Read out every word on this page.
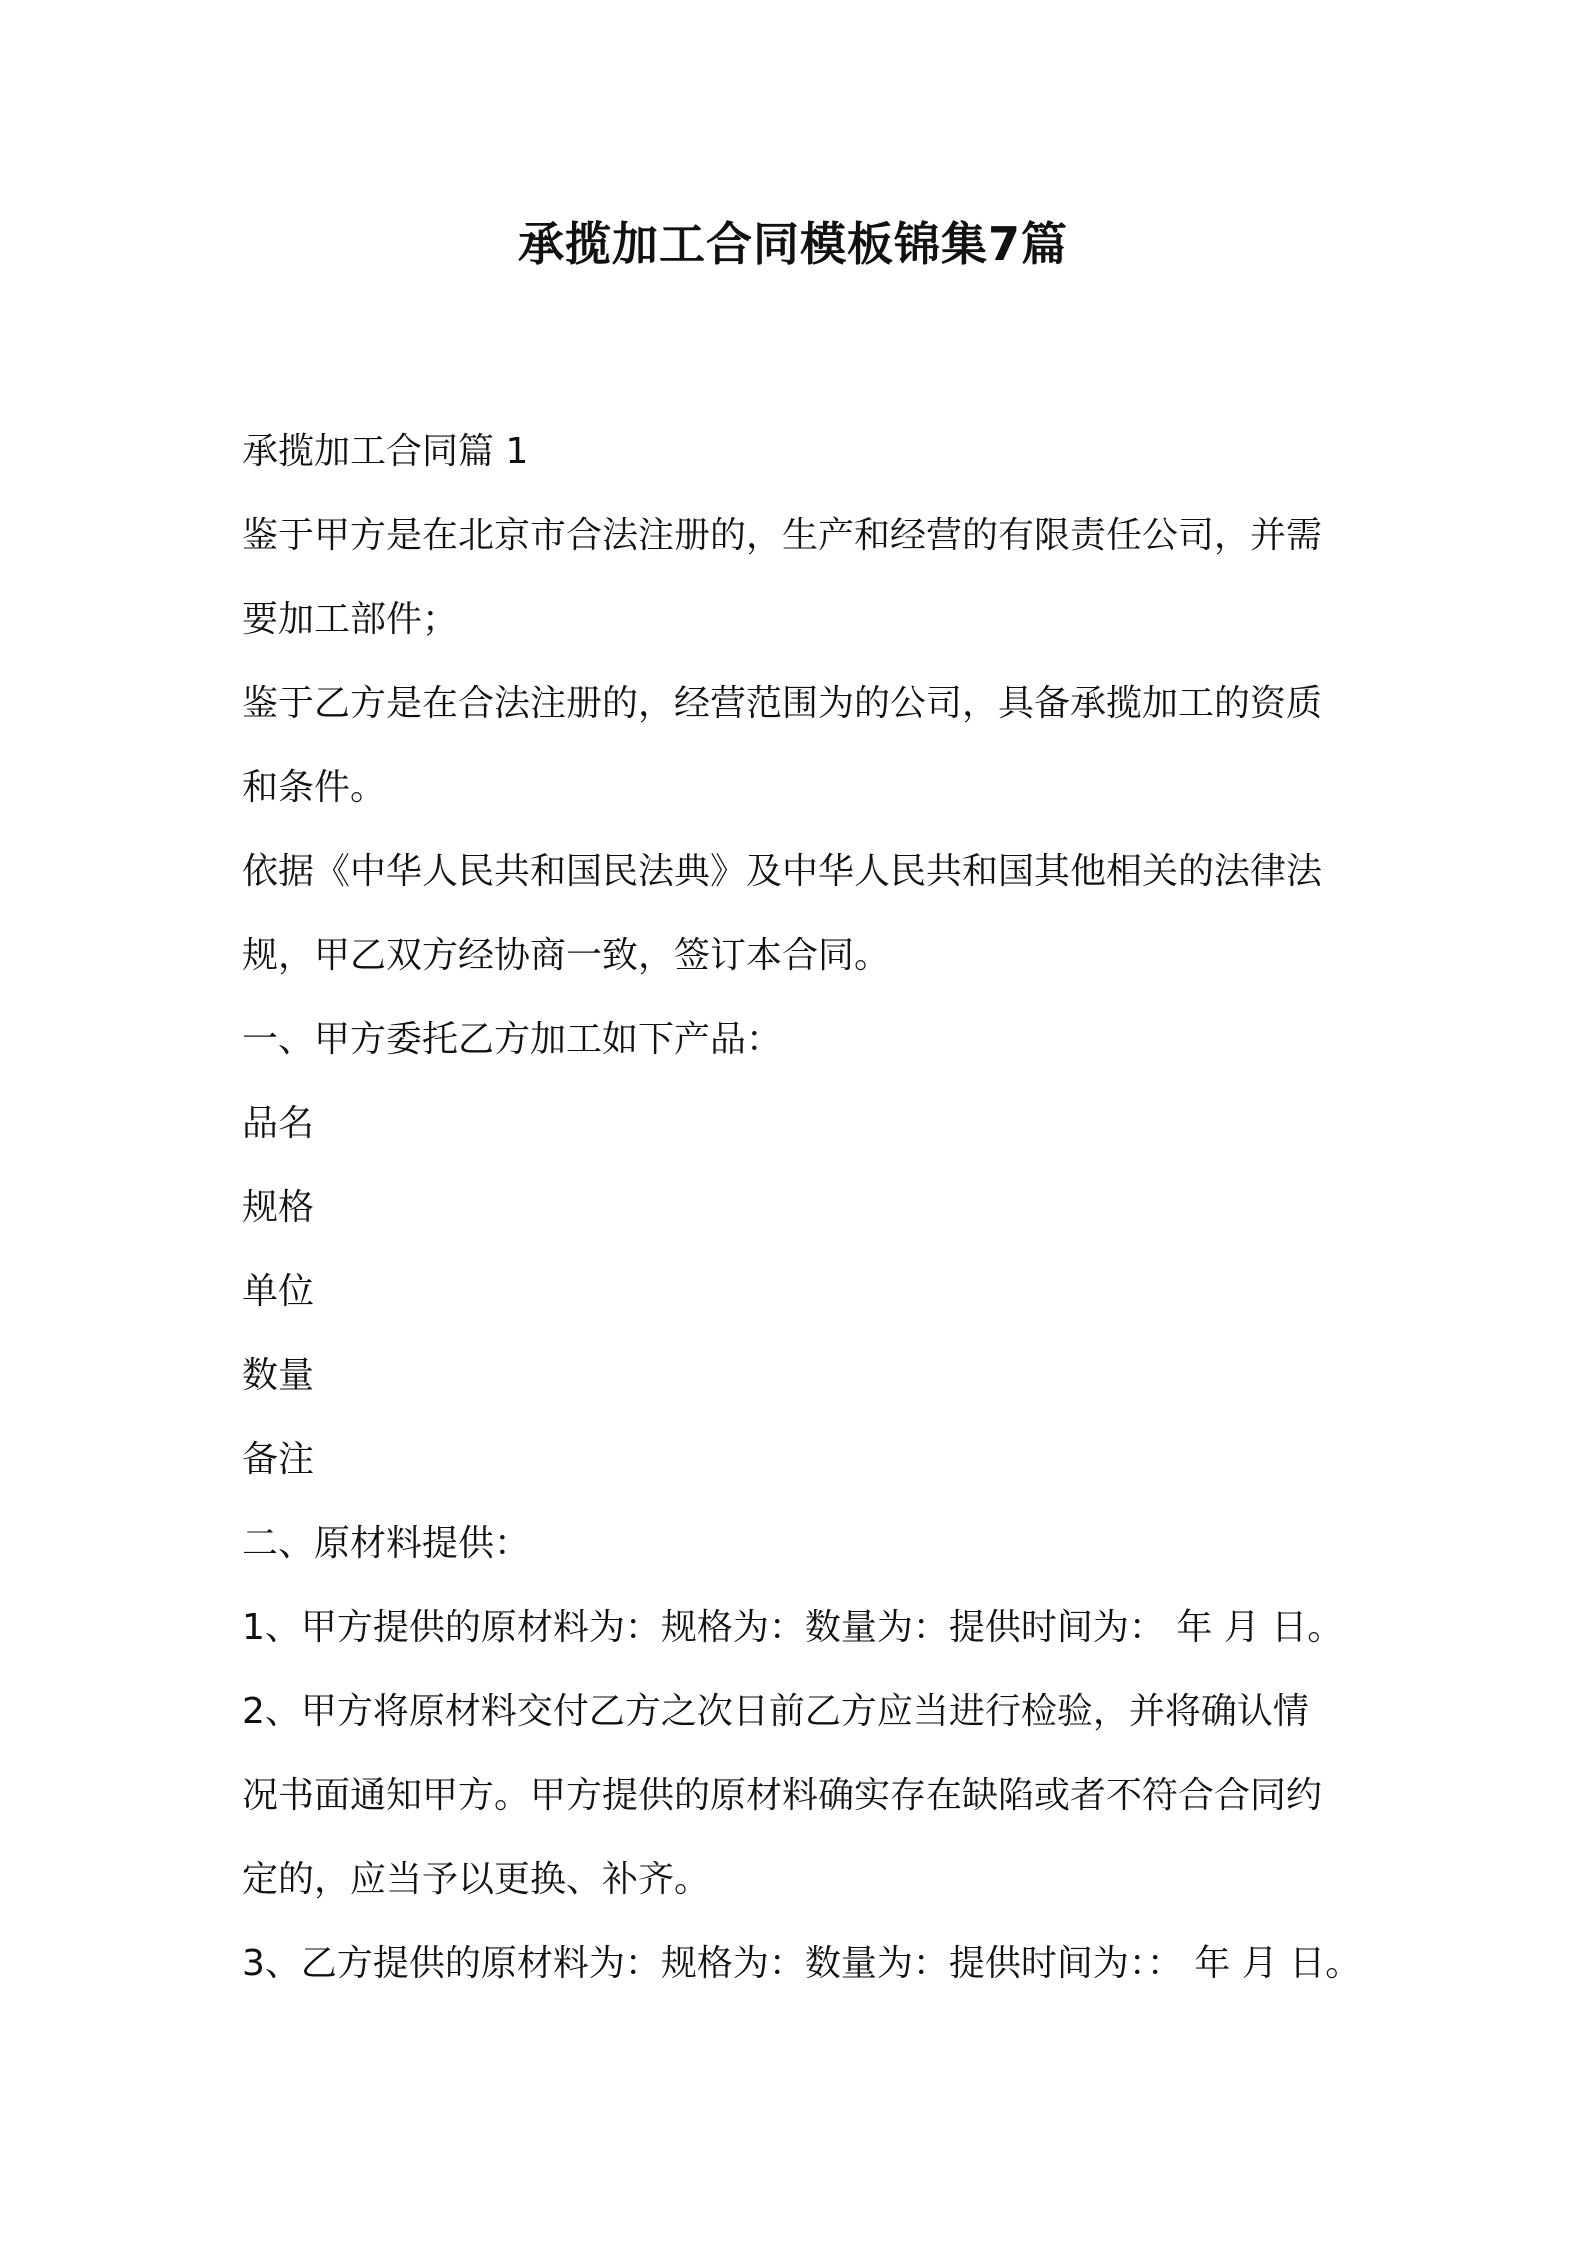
承揽加工合同模板锦集7篇

承揽加工合同篇 1

鉴于甲方是在北京市合法注册的，生产和经营的有限责任公司，并需

要加工部件；

鉴于乙方是在合法注册的，经营范围为的公司，具备承揽加工的资质

和条件。

依据《中华人民共和国民法典》及中华人民共和国其他相关的法律法

规，甲乙双方经协商一致，签订本合同。

一、甲方委托乙方加工如下产品：

品名

规格

单位

数量

备注

二、原材料提供：

1、甲方提供的原材料为：规格为：数量为：提供时间为： 年 月 日。

2、甲方将原材料交付乙方之次日前乙方应当进行检验，并将确认情

况书面通知甲方。甲方提供的原材料确实存在缺陷或者不符合合同约

定的，应当予以更换、补齐。

3、乙方提供的原材料为：规格为：数量为：提供时间为：： 年 月 日。
